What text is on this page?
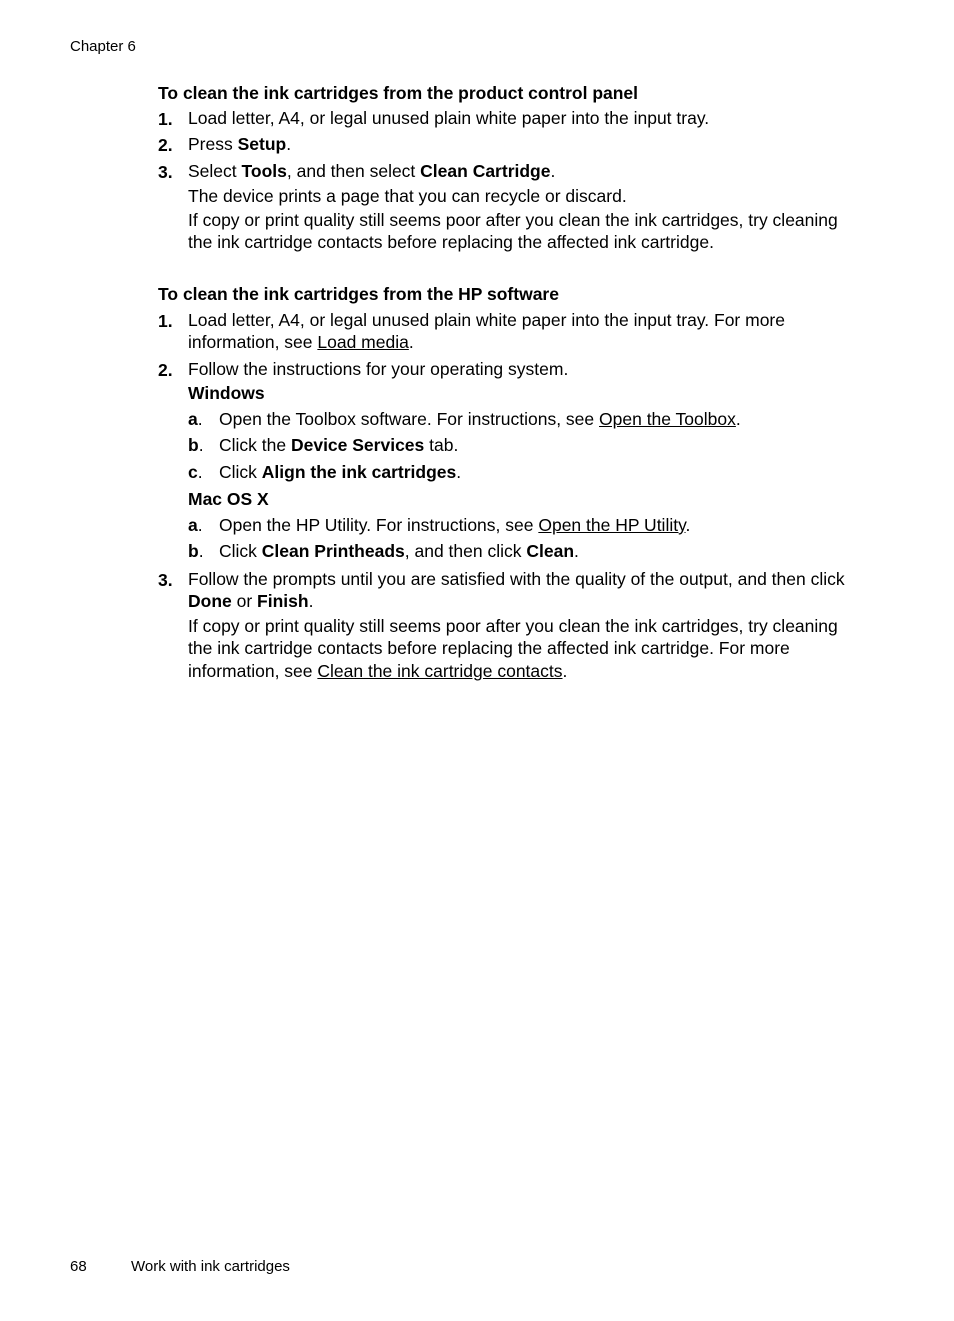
Chapter 6
To clean the ink cartridges from the product control panel
1. Load letter, A4, or legal unused plain white paper into the input tray.
2. Press Setup.
3. Select Tools, and then select Clean Cartridge.
The device prints a page that you can recycle or discard.
If copy or print quality still seems poor after you clean the ink cartridges, try cleaning
the ink cartridge contacts before replacing the affected ink cartridge.
To clean the ink cartridges from the HP software
1. Load letter, A4, or legal unused plain white paper into the input tray. For more
information, see Load media.
2. Follow the instructions for your operating system.
Windows
a. Open the Toolbox software. For instructions, see Open the Toolbox.
b. Click the Device Services tab.
c. Click Align the ink cartridges.
Mac OS X
a. Open the HP Utility. For instructions, see Open the HP Utility.
b. Click Clean Printheads, and then click Clean.
3. Follow the prompts until you are satisfied with the quality of the output, and then click
Done or Finish.
If copy or print quality still seems poor after you clean the ink cartridges, try cleaning
the ink cartridge contacts before replacing the affected ink cartridge. For more
information, see Clean the ink cartridge contacts.
68	Work with ink cartridges
